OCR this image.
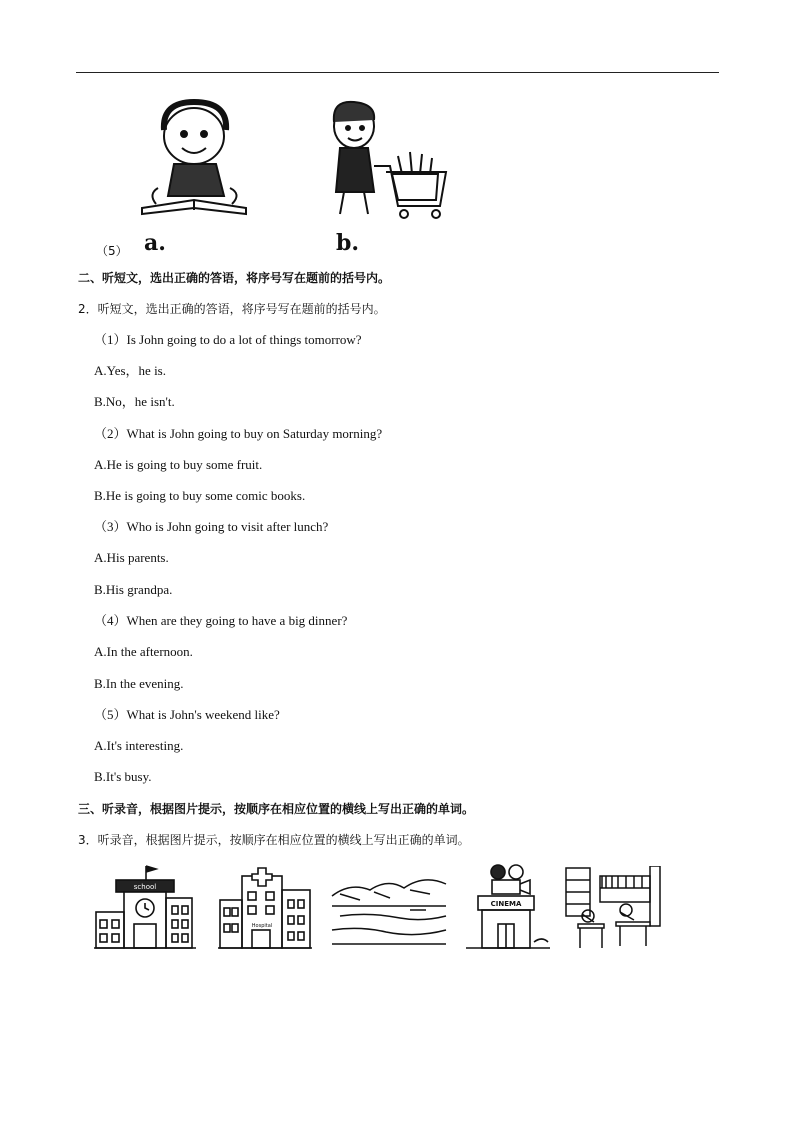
（5） a.	b.
二、听短文，选出正确的答语，将序号写在题前的括号内。
2．听短文，选出正确的答语，将序号写在题前的括号内。
（1）Is John going to do a lot of things tomorrow?
A.Yes，he is.
B.No，he isn't.
（2）What is John going to buy on Saturday morning?
A.He is going to buy some fruit.
B.He is going to buy some comic books.
（3）Who is John going to visit after lunch?
A.His parents.
B.His grandpa.
（4）When are they going to have a big dinner?
A.In the afternoon.
B.In the evening.
（5）What is John's weekend like?
A.It's interesting.
B.It's busy.
三、听录音，根据图片提示，按顺序在相应位置的横线上写出正确的单词。
3．听录音，根据图片提示，按顺序在相应位置的横线上写出正确的单词。
school
Hospital
CINEMA
